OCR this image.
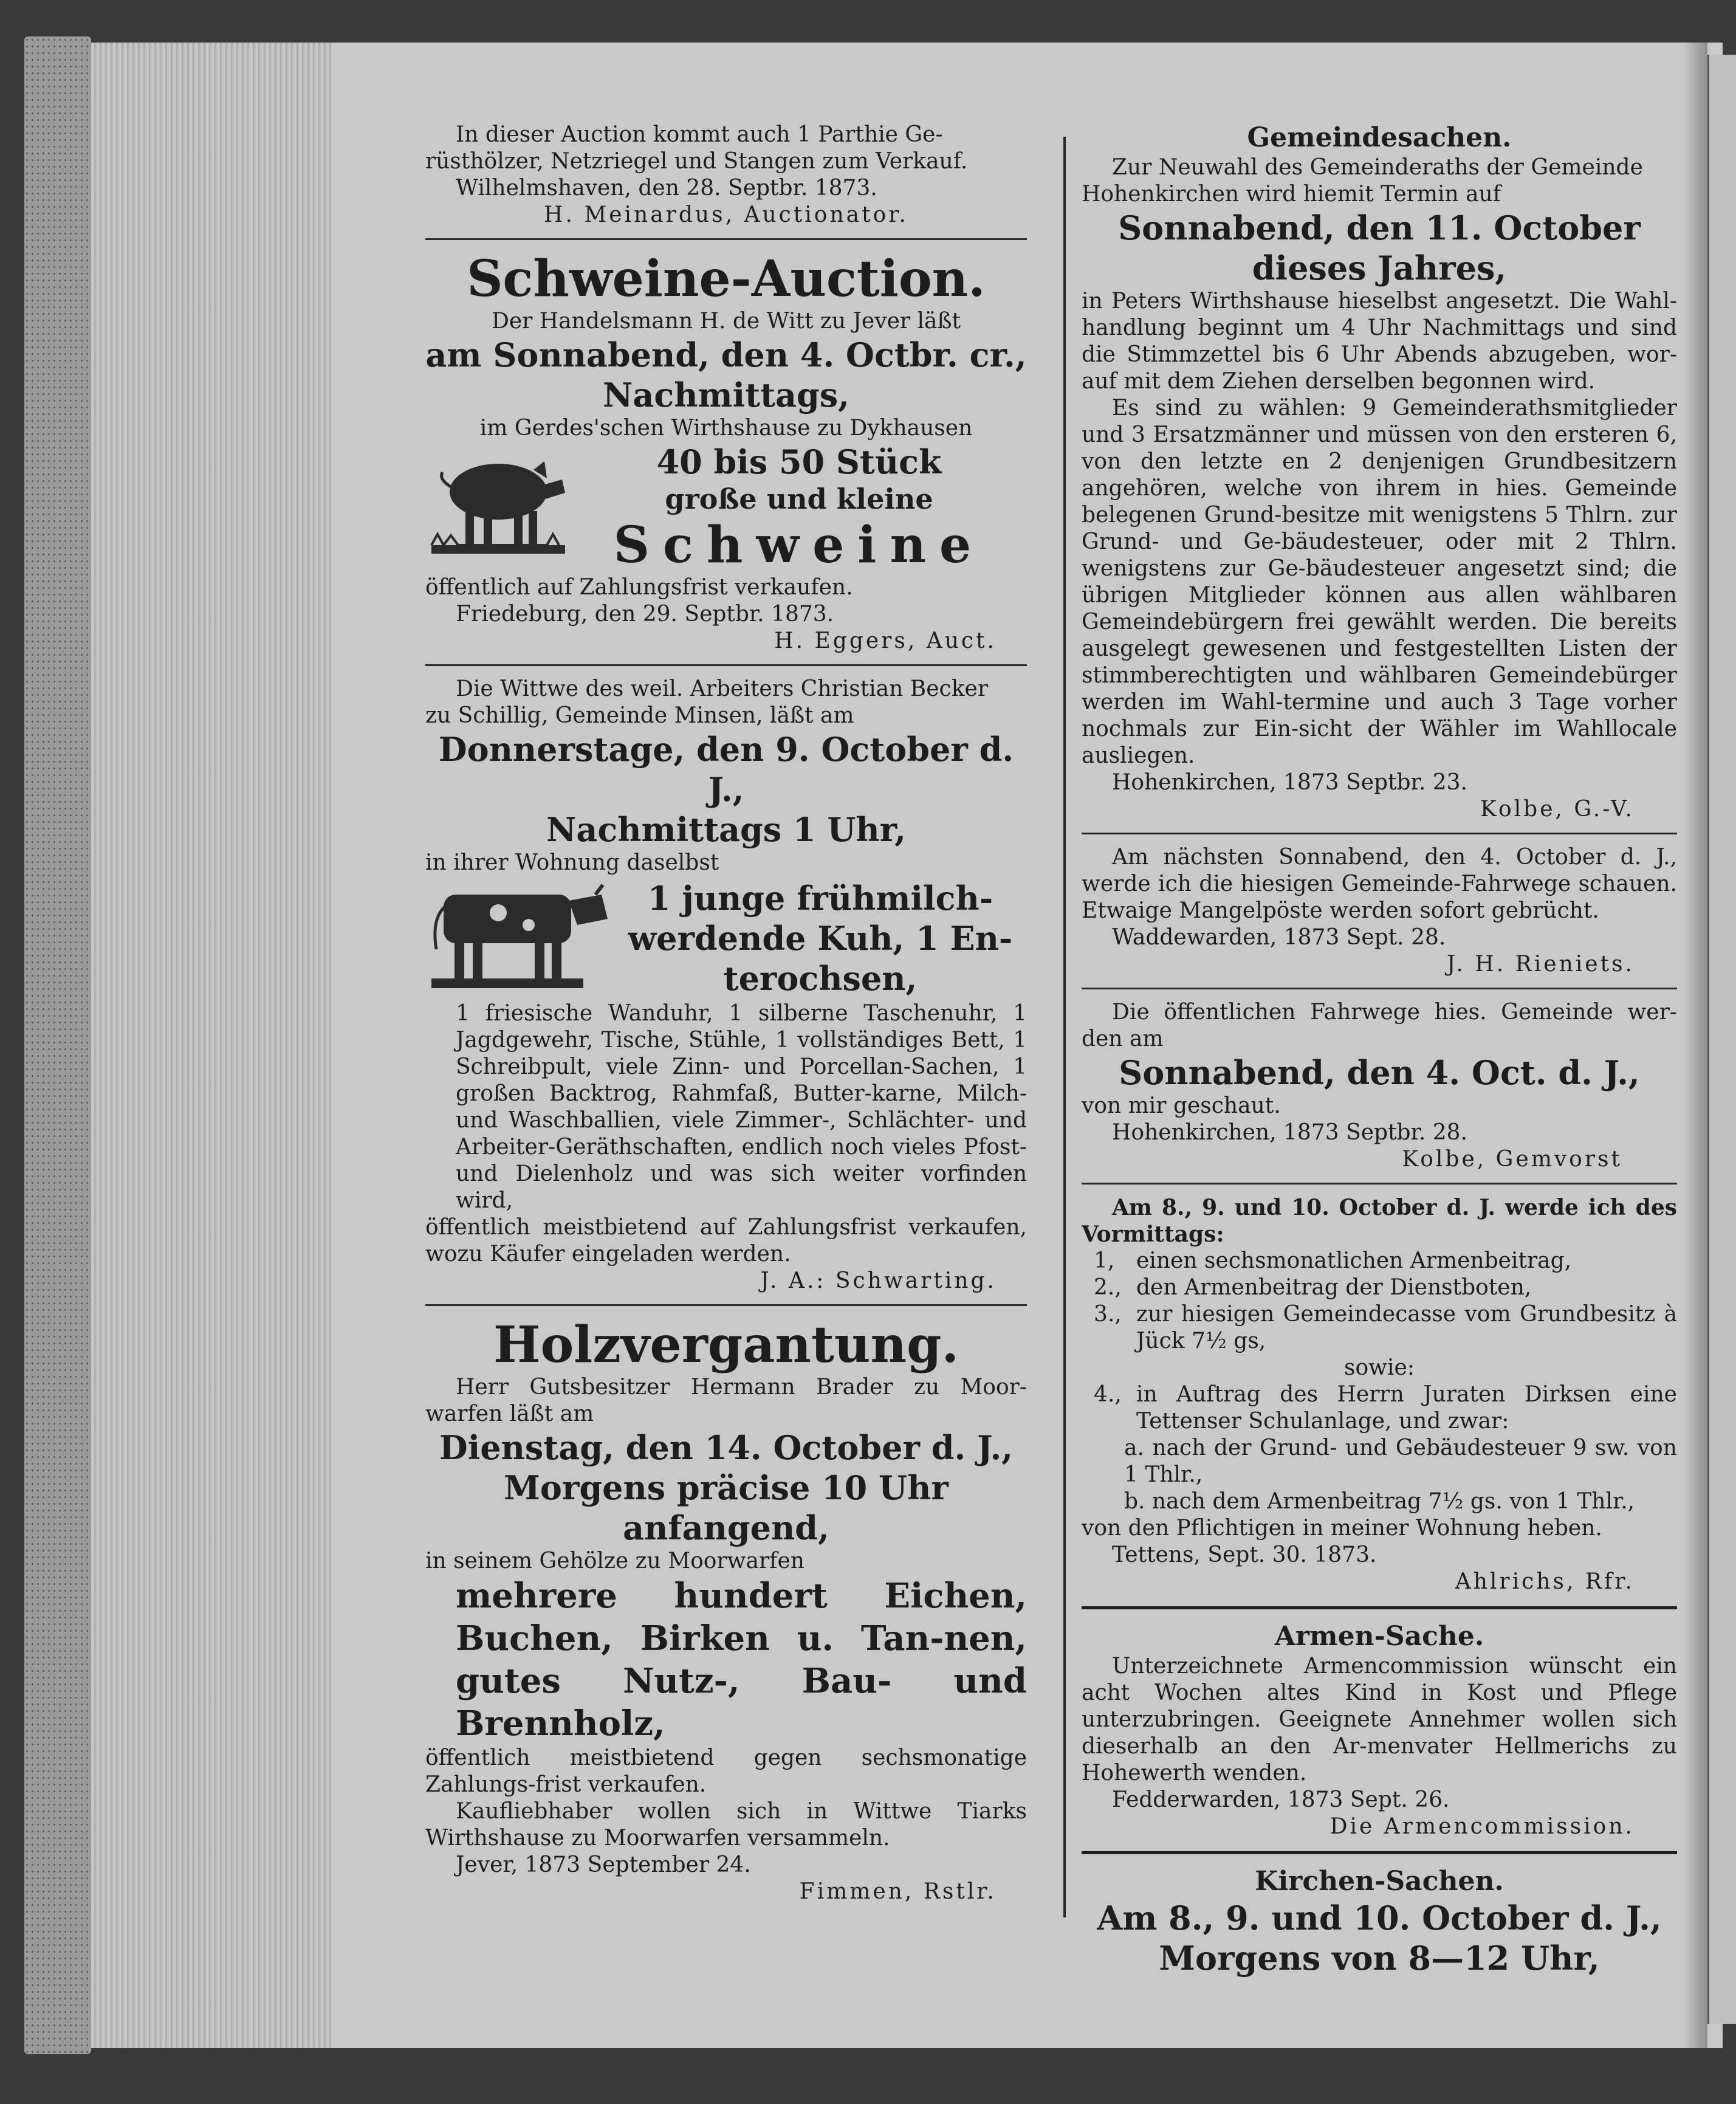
In dieser Auction kommt auch 1 Parthie Ge-

rüsthölzer, Netzriegel und Stangen zum Verkauf.

Wilhelmshaven, den 28. Septbr. 1873.

H. Meinardus, Auctionator.

Schweine-Auction.

Der Handelsmann H. de Witt zu Jever läßt

am Sonnabend, den 4. Octbr. cr.,

Nachmittags,

im Gerdes'schen Wirthshause zu Dykhausen

40 bis 50 Stück

große und kleine

Schweine

öffentlich auf Zahlungsfrist verkaufen.

Friedeburg, den 29. Septbr. 1873.

H. Eggers, Auct.

Die Wittwe des weil. Arbeiters Christian Becker

zu Schillig, Gemeinde Minsen, läßt am

Donnerstage, den 9. October d. J.,

Nachmittags 1 Uhr,

in ihrer Wohnung daselbst

1 junge frühmilch-

werdende Kuh, 1 En-

terochsen,

1 friesische Wanduhr, 1 silberne Taschenuhr, 1 Jagdgewehr, Tische, Stühle, 1 vollständiges Bett, 1 Schreibpult, viele Zinn- und Porcellan-Sachen, 1 großen Backtrog, Rahmfaß, Butter-karne, Milch- und Waschballien, viele Zimmer-, Schlächter- und Arbeiter-Geräthschaften, endlich noch vieles Pfost- und Dielenholz und was sich weiter vorfinden wird,

öffentlich meistbietend auf Zahlungsfrist verkaufen, wozu Käufer eingeladen werden.

J. A.: Schwarting.

Holzvergantung.

Herr Gutsbesitzer Hermann Brader zu Moor-warfen läßt am

Dienstag, den 14. October d. J.,

Morgens präcise 10 Uhr

anfangend,

in seinem Gehölze zu Moorwarfen

mehrere hundert Eichen, Buchen, Birken u. Tan-nen, gutes Nutz-, Bau- und Brennholz,

öffentlich meistbietend gegen sechsmonatige Zahlungs-frist verkaufen.

Kaufliebhaber wollen sich in Wittwe Tiarks Wirthshause zu Moorwarfen versammeln.

Jever, 1873 September 24.

Fimmen, Rstlr.

Gemeindesachen.

Zur Neuwahl des Gemeinderaths der Gemeinde

Hohenkirchen wird hiemit Termin auf

Sonnabend, den 11. October

dieses Jahres,

in Peters Wirthshause hieselbst angesetzt. Die Wahl-handlung beginnt um 4 Uhr Nachmittags und sind die Stimmzettel bis 6 Uhr Abends abzugeben, wor-auf mit dem Ziehen derselben begonnen wird.

Es sind zu wählen: 9 Gemeinderathsmitglieder und 3 Ersatzmänner und müssen von den ersteren 6, von den letzte en 2 denjenigen Grundbesitzern angehören, welche von ihrem in hies. Gemeinde belegenen Grund-besitze mit wenigstens 5 Thlrn. zur Grund- und Ge-bäudesteuer, oder mit 2 Thlrn. wenigstens zur Ge-bäudesteuer angesetzt sind; die übrigen Mitglieder können aus allen wählbaren Gemeindebürgern frei gewählt werden. Die bereits ausgelegt gewesenen und festgestellten Listen der stimmberechtigten und wählbaren Gemeindebürger werden im Wahl-termine und auch 3 Tage vorher nochmals zur Ein-sicht der Wähler im Wahllocale ausliegen.

Hohenkirchen, 1873 Septbr. 23.

Kolbe, G.-V.

Am nächsten Sonnabend, den 4. October d. J., werde ich die hiesigen Gemeinde-Fahrwege schauen. Etwaige Mangelpöste werden sofort gebrücht.

Waddewarden, 1873 Sept. 28.

J. H. Rieniets.

Die öffentlichen Fahrwege hies. Gemeinde wer-den am

Sonnabend, den 4. Oct. d. J.,

von mir geschaut.

Hohenkirchen, 1873 Septbr. 28.

Kolbe, Gemvorst

Am 8., 9. und 10. October d. J. werde ich des Vormittags:

1, einen sechsmonatlichen Armenbeitrag,
2., den Armenbeitrag der Dienstboten,
3., zur hiesigen Gemeindecasse vom Grundbesitz à Jück 7½ gs,

sowie:

4., in Auftrag des Herrn Juraten Dirksen eine Tettenser Schulanlage, und zwar:

a. nach der Grund- und Gebäudesteuer 9 sw. von 1 Thlr.,

b. nach dem Armenbeitrag 7½ gs. von 1 Thlr.,

von den Pflichtigen in meiner Wohnung heben.

Tettens, Sept. 30. 1873.

Ahlrichs, Rfr.

Armen-Sache.

Unterzeichnete Armencommission wünscht ein acht Wochen altes Kind in Kost und Pflege unterzubringen. Geeignete Annehmer wollen sich dieserhalb an den Ar-menvater Hellmerichs zu Hohewerth wenden.

Fedderwarden, 1873 Sept. 26.

Die Armencommission.

Kirchen-Sachen.

Am 8., 9. und 10. October d. J.,

Morgens von 8—12 Uhr,
